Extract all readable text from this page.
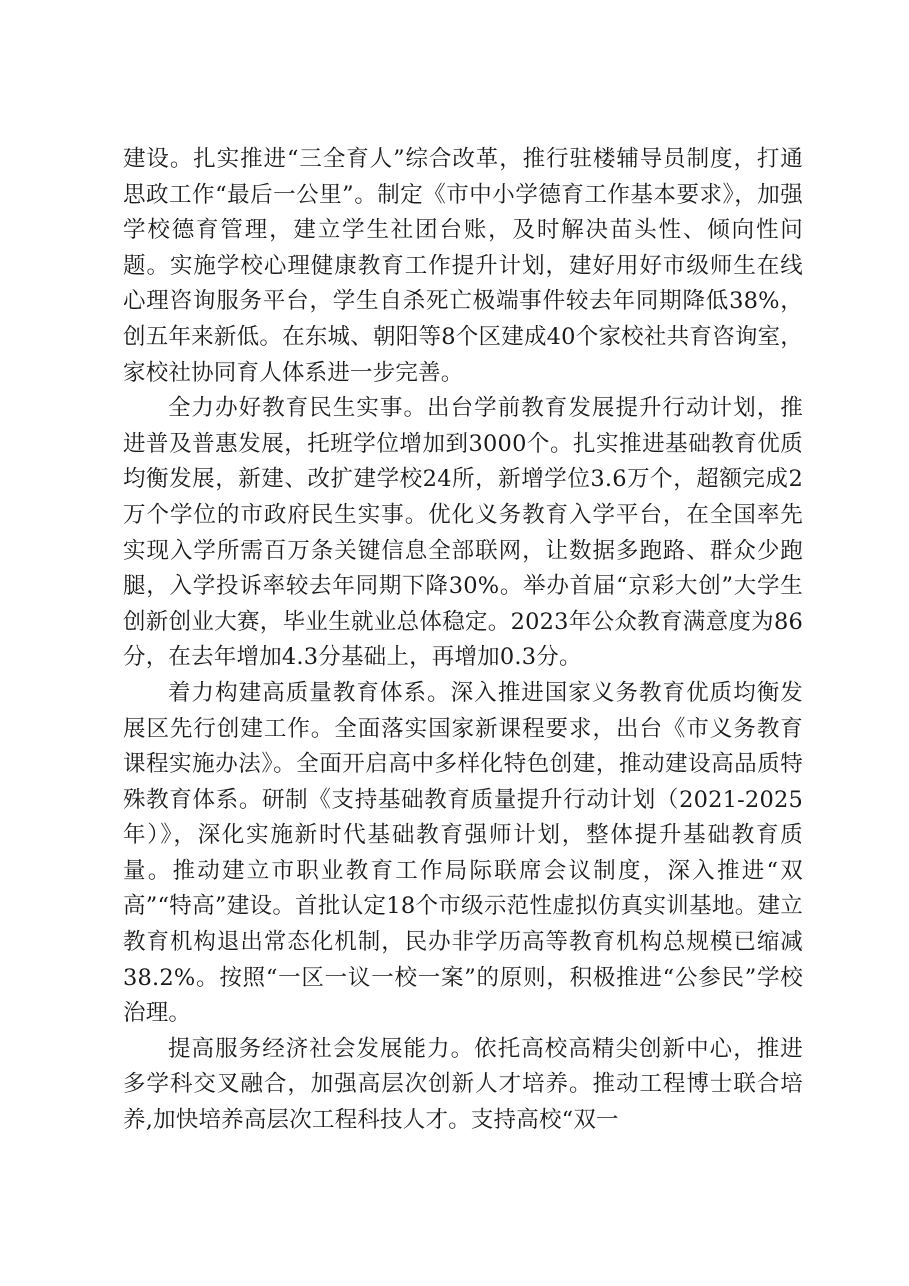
建设。扎实推进“三全育人”综合改革，推行驻楼辅导员制度，打通思政工作“最后一公里”。制定《市中小学德育工作基本要求》，加强学校德育管理，建立学生社团台账，及时解决苗头性、倾向性问题。实施学校心理健康教育工作提升计划，建好用好市级师生在线心理咨询服务平台，学生自杀死亡极端事件较去年同期降低38%，创五年来新低。在东城、朝阳等8个区建成40个家校社共育咨询室，家校社协同育人体系进一步完善。

全力办好教育民生实事。出台学前教育发展提升行动计划，推进普及普惠发展，托班学位增加到3000个。扎实推进基础教育优质均衡发展，新建、改扩建学校24所，新增学位3.6万个，超额完成2万个学位的市政府民生实事。优化义务教育入学平台，在全国率先实现入学所需百万条关键信息全部联网，让数据多跑路、群众少跑腿，入学投诉率较去年同期下降30%。举办首届“京彩大创”大学生创新创业大赛，毕业生就业总体稳定。2023年公众教育满意度为86分，在去年增加4.3分基础上，再增加0.3分。

着力构建高质量教育体系。深入推进国家义务教育优质均衡发展区先行创建工作。全面落实国家新课程要求，出台《市义务教育课程实施办法》。全面开启高中多样化特色创建，推动建设高品质特殊教育体系。研制《支持基础教育质量提升行动计划（2021-2025年）》，深化实施新时代基础教育强师计划，整体提升基础教育质量。推动建立市职业教育工作局际联席会议制度，深入推进“双高”“特高”建设。首批认定18个市级示范性虚拟仿真实训基地。建立教育机构退出常态化机制，民办非学历高等教育机构总规模已缩减38.2%。按照“一区一议一校一案”的原则，积极推进“公参民”学校治理。

提高服务经济社会发展能力。依托高校高精尖创新中心，推进多学科交叉融合，加强高层次创新人才培养。推动工程博士联合培养,加快培养高层次工程科技人才。支持高校“双一
